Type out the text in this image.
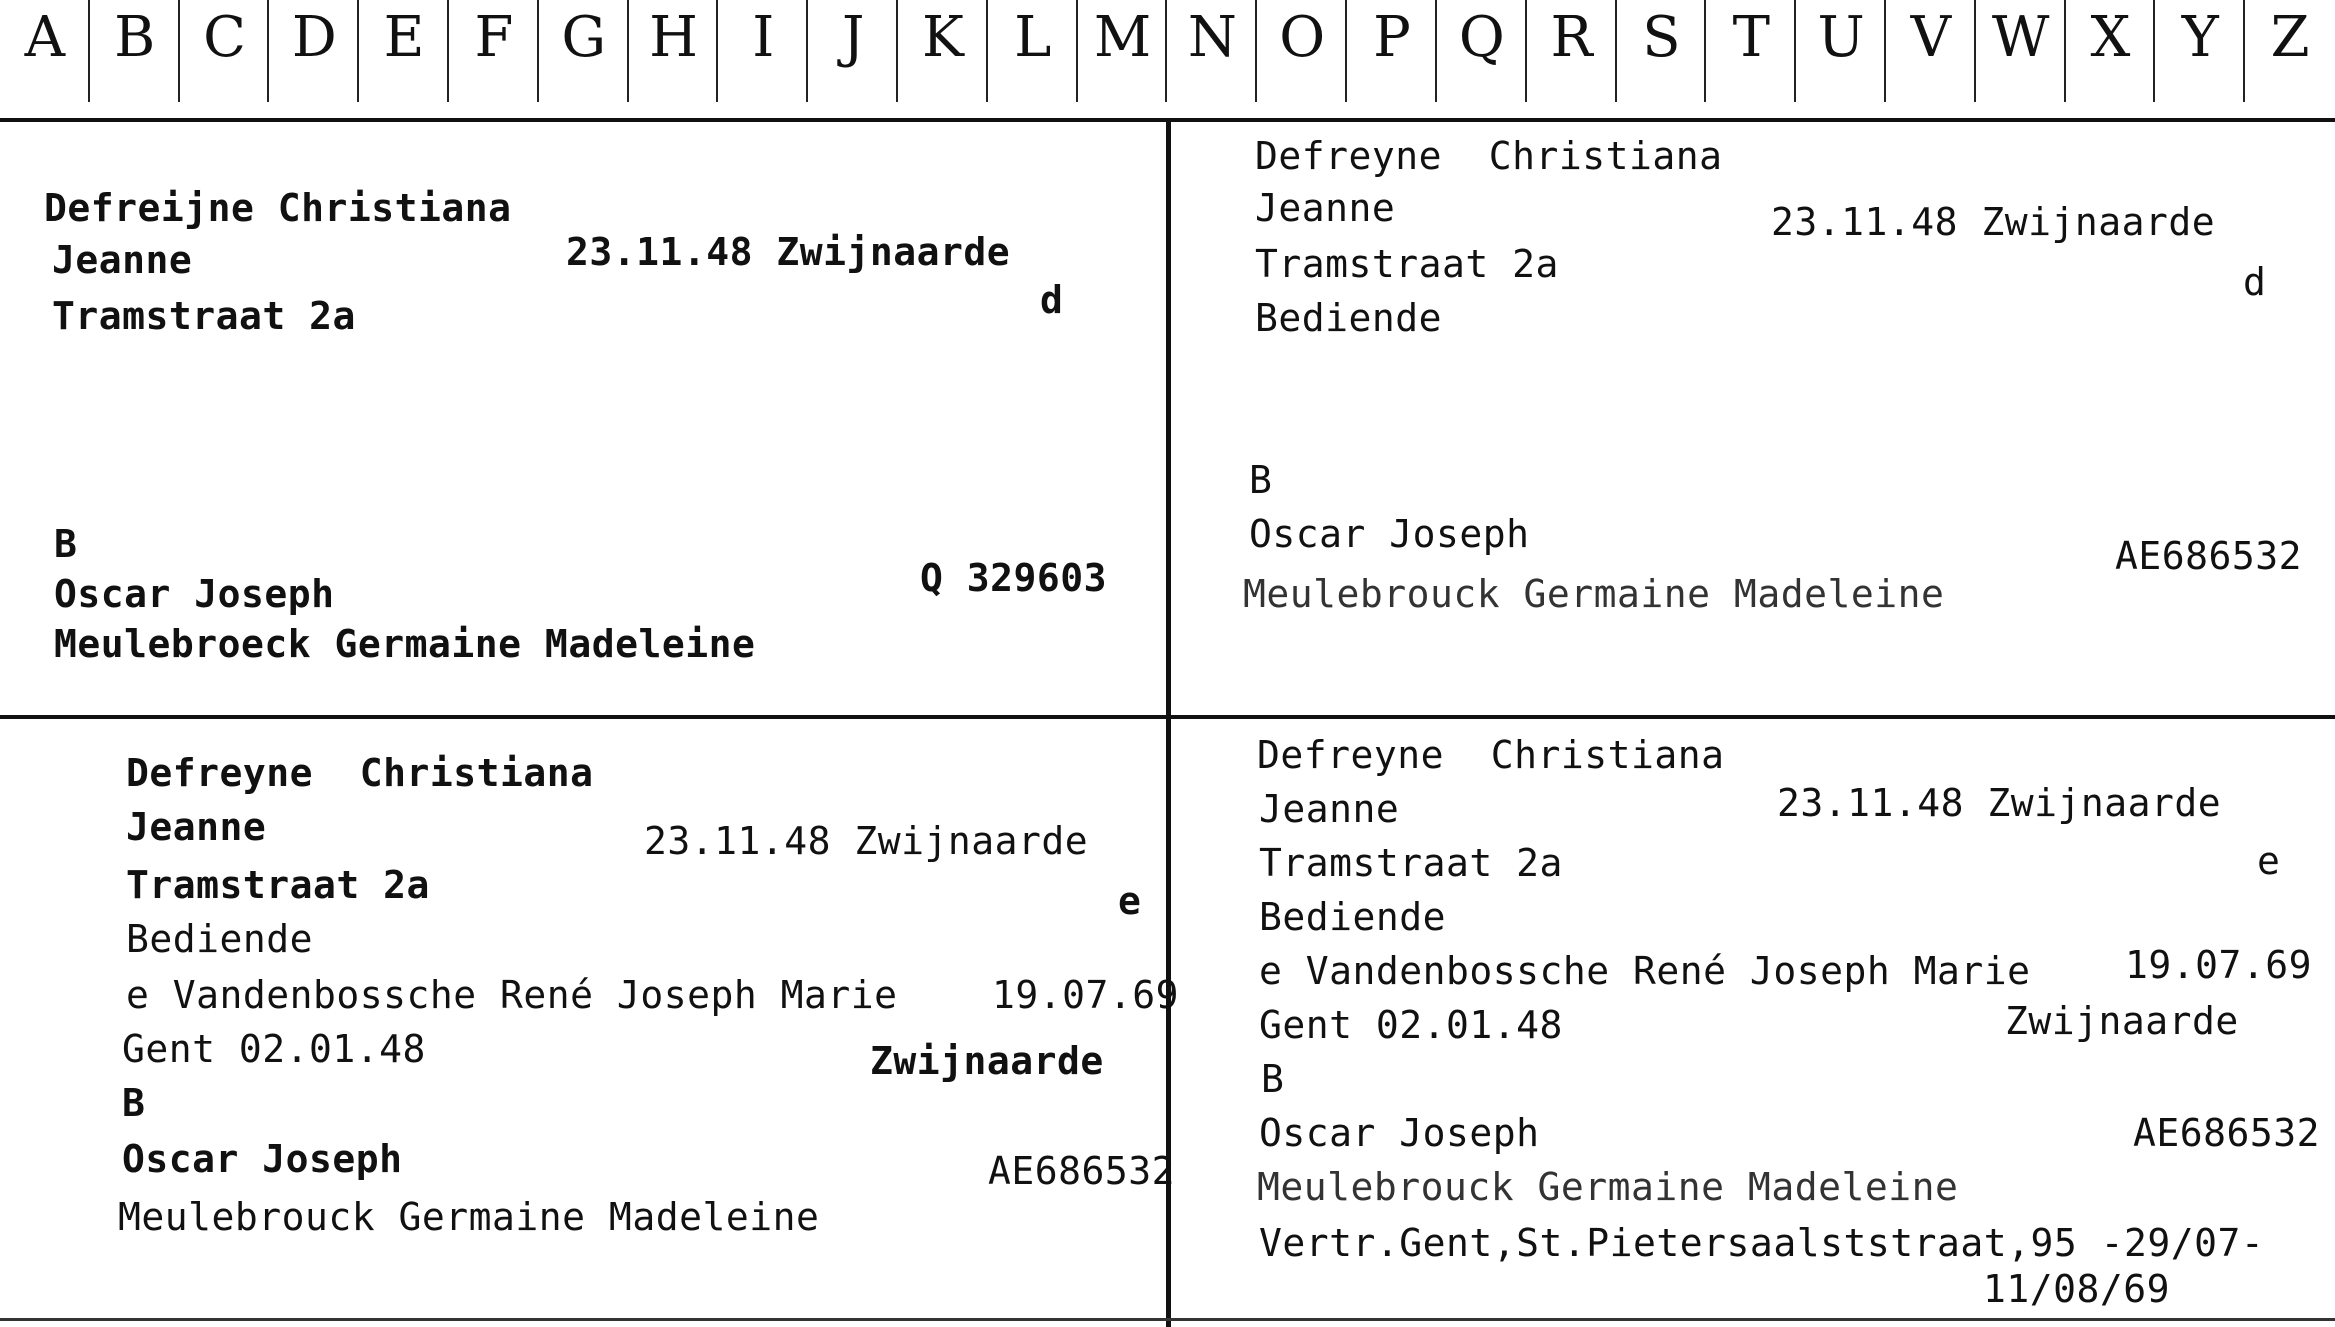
A B C D E F G H I	J	K L M N O P Q R S T U V W X Y Z
Defreijne Christiana
Jeanne	23.11.48 Zwijnaarde
Tramstraat 2a	d
B
Oscar Joseph	Q 329603
Meulebroeck Germaine Madeleine
Defreyne  Christiana
Jeanne	23.11.48 Zwijnaarde
Tramstraat 2a	d
Bediende
B
Oscar Joseph	AE686532
Meulebrouck Germaine Madeleine
Defreyne  Christiana
Jeanne	23.11.48 Zwijnaarde
Tramstraat 2a	e
Bediende
e Vandenbossche René Joseph Marie 19.07.69
Gent 02.01.48	Zwijnaarde
B
Oscar Joseph	AE686532
Meulebrouck Germaine Madeleine
Defreyne  Christiana
Jeanne	23.11.48 Zwijnaarde
Tramstraat 2a	e
Bediende
e Vandenbossche René Joseph Marie 19.07.69
Gent 02.01.48	Zwijnaarde
B
Oscar Joseph	AE686532
Meulebrouck Germaine Madeleine
Vertr.Gent,St.Pietersaalststraat,95 -29/07-
11/08/69
